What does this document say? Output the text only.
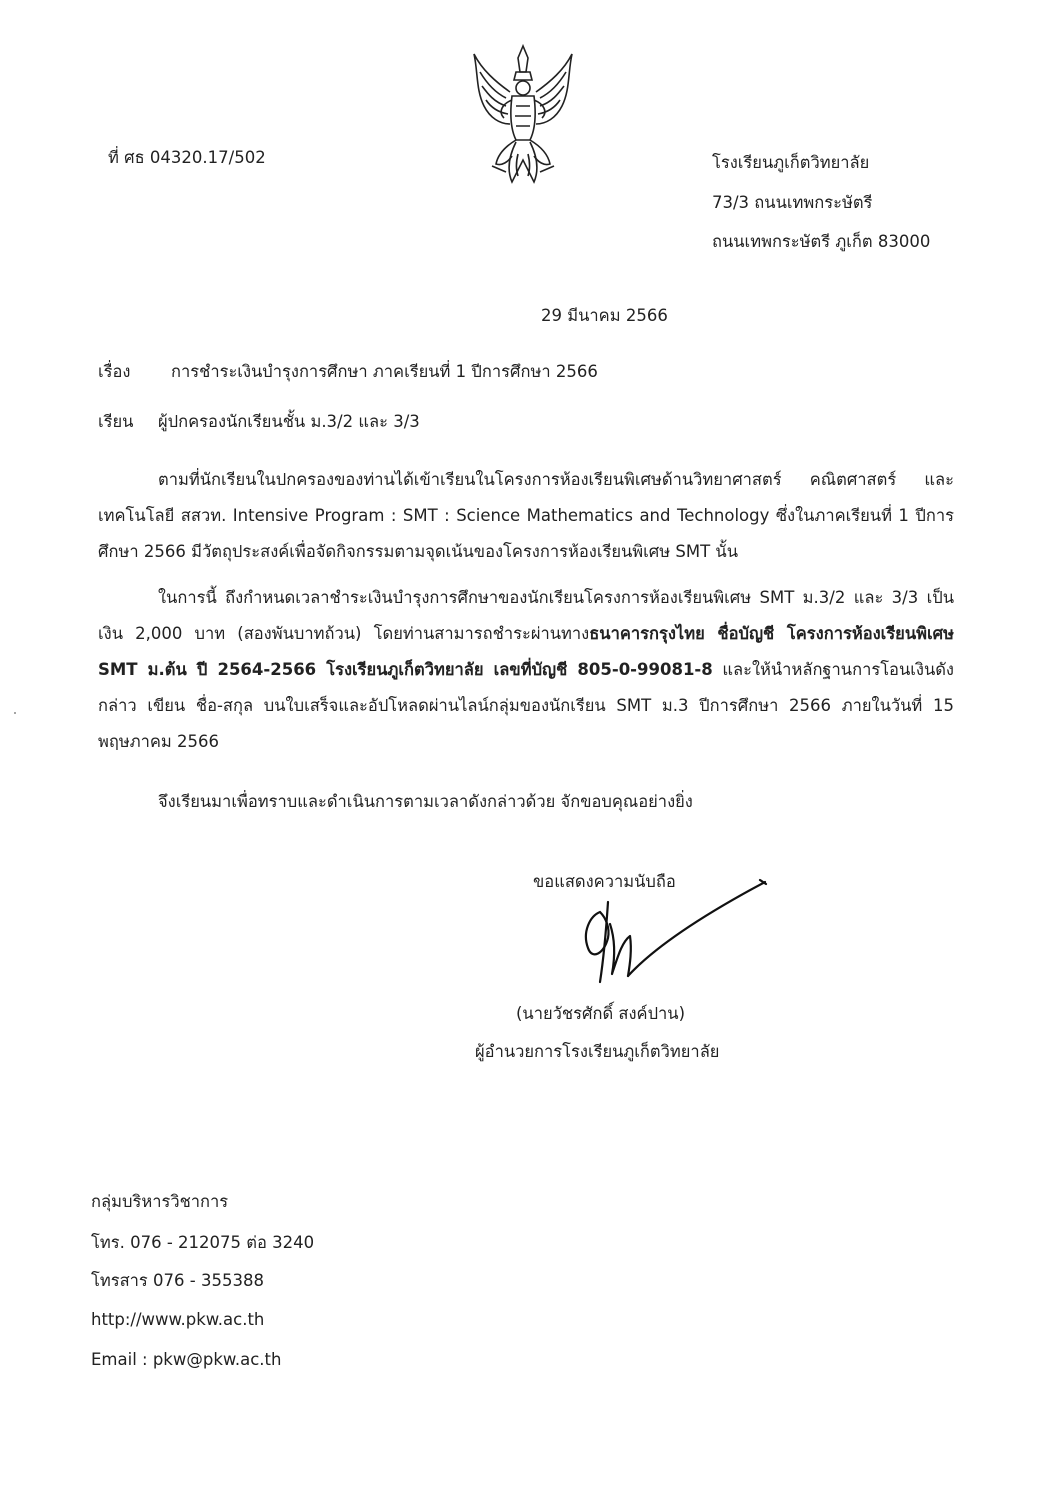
ที่ ศธ 04320.17/502	โรงเรียนภูเก็ตวิทยาลัย
73/3 ถนนเทพกระษัตรี
ถนนเทพกระษัตรี ภูเก็ต 83000
29 มีนาคม 2566
เรื่อง การชำระเงินบำรุงการศึกษา ภาคเรียนที่ 1 ปีการศึกษา 2566
เรียน ผู้ปกครองนักเรียนชั้น ม.3/2 และ 3/3
ตามที่นักเรียนในปกครองของท่านได้เข้าเรียนในโครงการห้องเรียนพิเศษด้านวิทยาศาสตร์ คณิตศาสตร์ และเทคโนโลยี สสวท. Intensive Program : SMT : Science Mathematics and Technology ซึ่งในภาคเรียนที่ 1 ปีการศึกษา 2566 มีวัตถุประสงค์เพื่อจัดกิจกรรมตามจุดเน้นของโครงการห้องเรียนพิเศษ SMT นั้น
ในการนี้ ถึงกำหนดเวลาชำระเงินบำรุงการศึกษาของนักเรียนโครงการห้องเรียนพิเศษ SMT ม.3/2 และ 3/3 เป็นเงิน 2,000 บาท (สองพันบาทถ้วน) โดยท่านสามารถชำระผ่านทางธนาคารกรุงไทย ชื่อบัญชี โครงการห้องเรียนพิเศษ SMT ม.ต้น ปี 2564-2566 โรงเรียนภูเก็ตวิทยาลัย เลขที่บัญชี 805-0-99081-8 และให้นำหลักฐานการโอนเงินดังกล่าว เขียน ชื่อ-สกุล บนใบเสร็จและอัปโหลดผ่านไลน์กลุ่มของนักเรียน SMT ม.3 ปีการศึกษา 2566 ภายในวันที่ 15 พฤษภาคม 2566
จึงเรียนมาเพื่อทราบและดำเนินการตามเวลาดังกล่าวด้วย จักขอบคุณอย่างยิ่ง
ขอแสดงความนับถือ
(นายวัชรศักดิ์ สงค์ปาน)
ผู้อำนวยการโรงเรียนภูเก็ตวิทยาลัย
กลุ่มบริหารวิชาการ
โทร. 076 - 212075 ต่อ 3240
โทรสาร 076 - 355388
http://www.pkw.ac.th
Email : pkw@pkw.ac.th
